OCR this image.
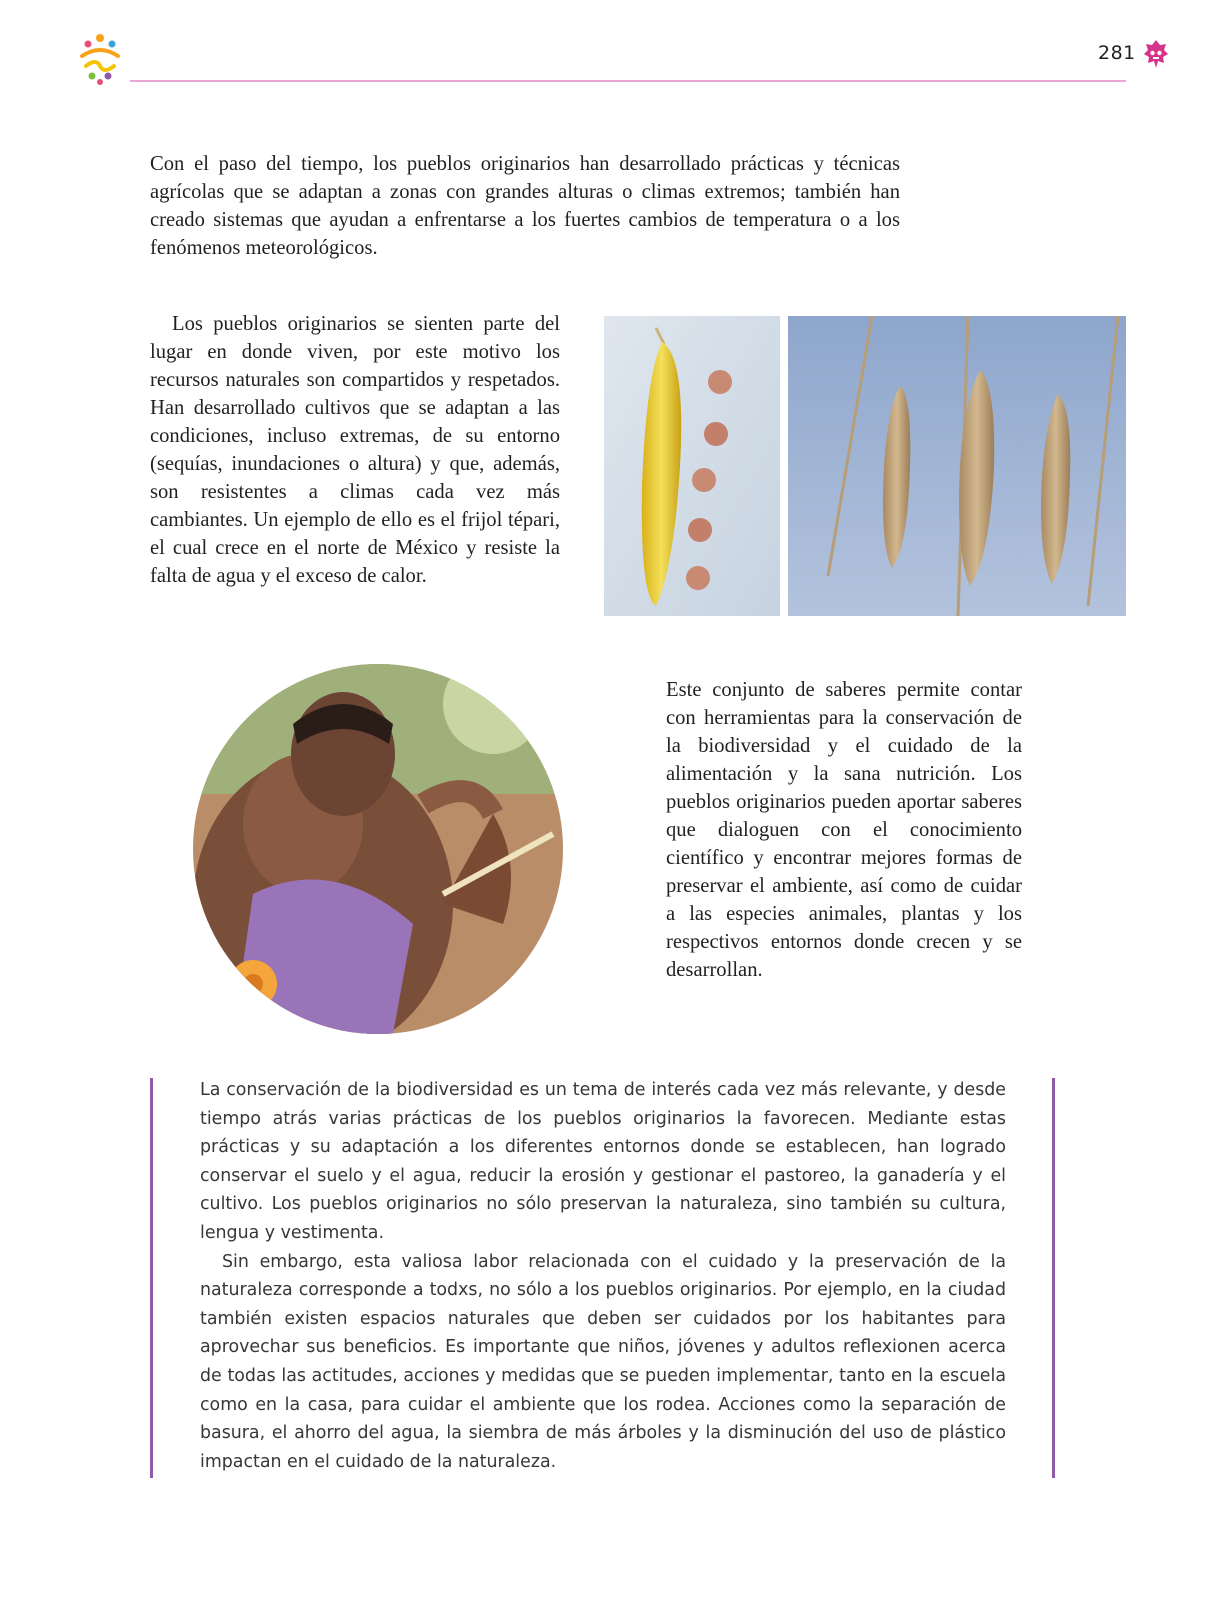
281

Con el paso del tiempo, los pueblos originarios han desarrollado prácticas y técnicas agrícolas que se adaptan a zonas con grandes alturas o climas extremos; también han creado sistemas que ayudan a enfrentarse a los fuertes cambios de temperatura o a los fenómenos meteorológicos.

Los pueblos originarios se sienten parte del lugar en donde viven, por este motivo los recursos naturales son compartidos y respetados. Han desarrollado cultivos que se adaptan a las condiciones, incluso extremas, de su entorno (sequías, inundaciones o altura) y que, además, son resistentes a climas cada vez más cambiantes. Un ejemplo de ello es el frijol tépari, el cual crece en el norte de México y resiste la falta de agua y el exceso de calor.

Este conjunto de saberes permite contar con herramientas para la conservación de la biodiversidad y el cuidado de la alimentación y la sana nutrición. Los pueblos originarios pueden aportar saberes que dialoguen con el conocimiento científico y encontrar mejores formas de preservar el ambiente, así como de cuidar a las especies animales, plantas y los respectivos entornos donde crecen y se desarrollan.

La conservación de la biodiversidad es un tema de interés cada vez más relevante, y desde tiempo atrás varias prácticas de los pueblos originarios la favorecen. Mediante estas prácticas y su adaptación a los diferentes entornos donde se establecen, han logrado conservar el suelo y el agua, reducir la erosión y gestionar el pastoreo, la ganadería y el cultivo. Los pueblos originarios no sólo preservan la naturaleza, sino también su cultura, lengua y vestimenta.

Sin embargo, esta valiosa labor relacionada con el cuidado y la preservación de la naturaleza corresponde a todxs, no sólo a los pueblos originarios. Por ejemplo, en la ciudad también existen espacios naturales que deben ser cuidados por los habitantes para aprovechar sus beneficios. Es importante que niños, jóvenes y adultos reflexionen acerca de todas las actitudes, acciones y medidas que se pueden implementar, tanto en la escuela como en la casa, para cuidar el ambiente que los rodea. Acciones como la separación de basura, el ahorro del agua, la siembra de más árboles y la disminución del uso de plástico impactan en el cuidado de la naturaleza.
